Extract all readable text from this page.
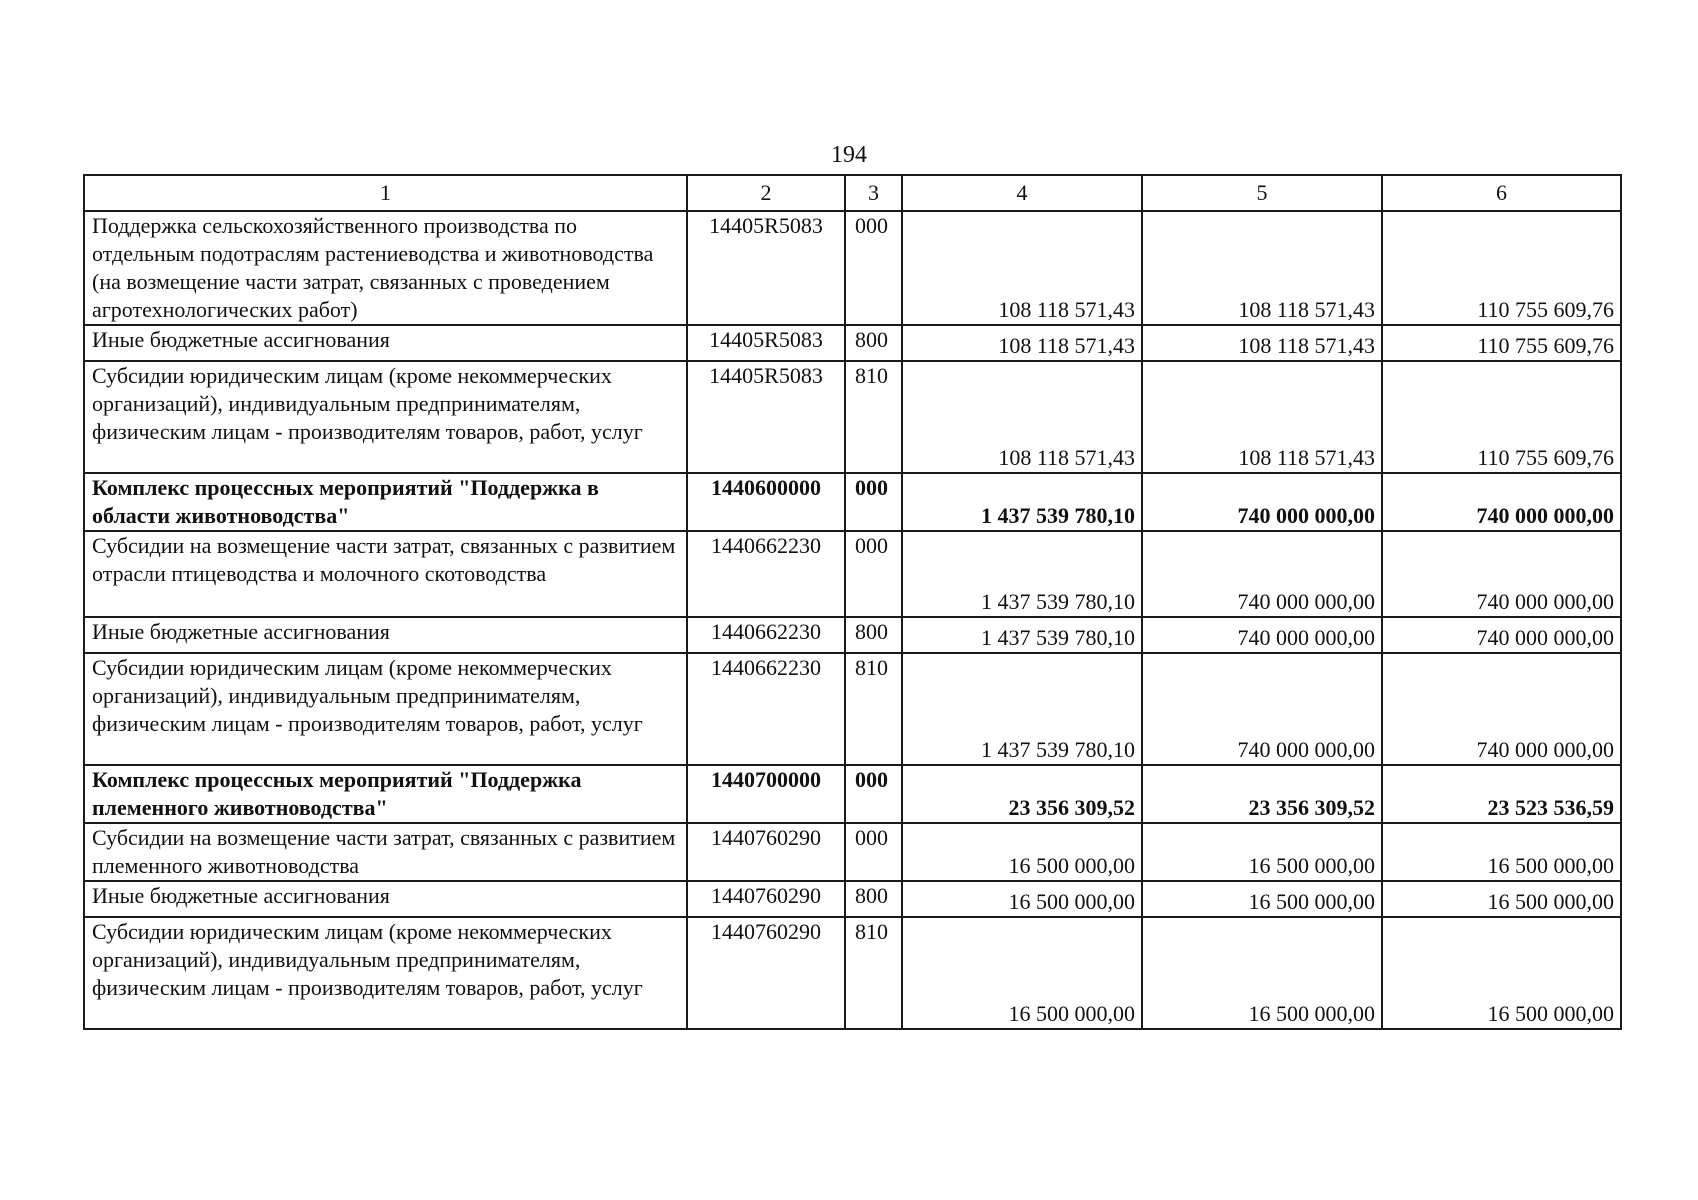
194
1	2	3	4	5	6
Поддержка сельскохозяйственного производства по отдельным подотраслям растениеводства и животноводства (на возмещение части затрат, связанных с проведением агротехнологических работ)	14405R5083	000	108 118 571,43	108 118 571,43	110 755 609,76
Иные бюджетные ассигнования	14405R5083	800	108 118 571,43	108 118 571,43	110 755 609,76
Субсидии юридическим лицам (кроме некоммерческих организаций), индивидуальным предпринимателям, физическим лицам - производителям товаров, работ, услуг	14405R5083	810	108 118 571,43	108 118 571,43	110 755 609,76
Комплекс процессных мероприятий "Поддержка в области животноводства"	1440600000	000	1 437 539 780,10	740 000 000,00	740 000 000,00
Субсидии на возмещение части затрат, связанных с развитием отрасли птицеводства и молочного скотоводства	1440662230	000	1 437 539 780,10	740 000 000,00	740 000 000,00
Иные бюджетные ассигнования	1440662230	800	1 437 539 780,10	740 000 000,00	740 000 000,00
Субсидии юридическим лицам (кроме некоммерческих организаций), индивидуальным предпринимателям, физическим лицам - производителям товаров, работ, услуг	1440662230	810	1 437 539 780,10	740 000 000,00	740 000 000,00
Комплекс процессных мероприятий "Поддержка племенного животноводства"	1440700000	000	23 356 309,52	23 356 309,52	23 523 536,59
Субсидии на возмещение части затрат, связанных с развитием племенного животноводства	1440760290	000	16 500 000,00	16 500 000,00	16 500 000,00
Иные бюджетные ассигнования	1440760290	800	16 500 000,00	16 500 000,00	16 500 000,00
Субсидии юридическим лицам (кроме некоммерческих организаций), индивидуальным предпринимателям, физическим лицам - производителям товаров, работ, услуг	1440760290	810	16 500 000,00	16 500 000,00	16 500 000,00
